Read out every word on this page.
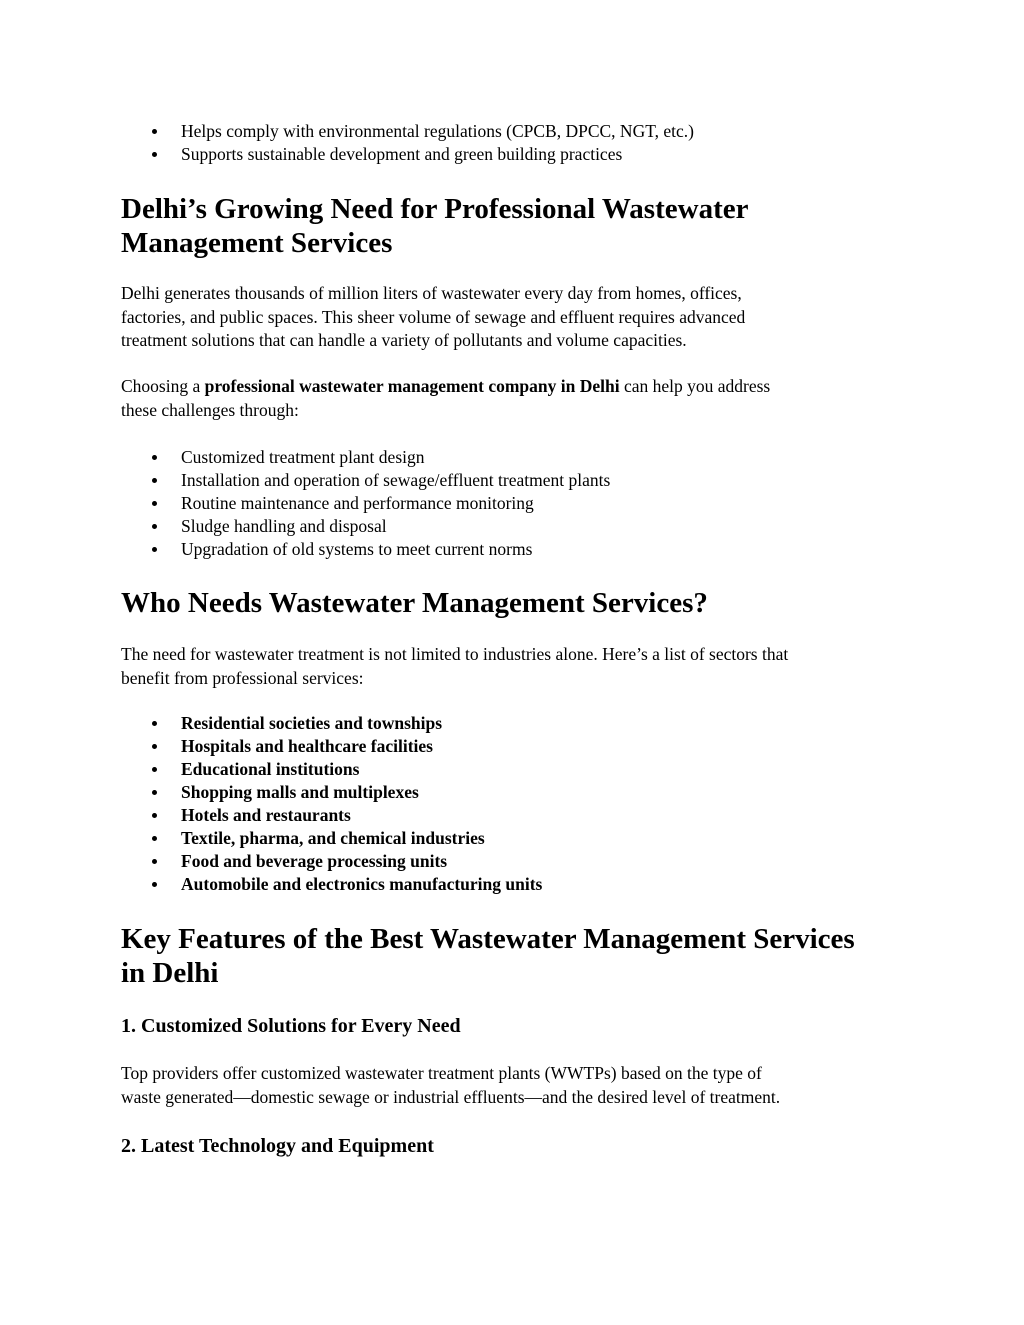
Helps comply with environmental regulations (CPCB, DPCC, NGT, etc.)
Supports sustainable development and green building practices
Delhi’s Growing Need for Professional Wastewater
Management Services

Delhi generates thousands of million liters of wastewater every day from homes, offices,
factories, and public spaces. This sheer volume of sewage and effluent requires advanced
treatment solutions that can handle a variety of pollutants and volume capacities.

Choosing a professional wastewater management company in Delhi can help you address
these challenges through:

Customized treatment plant design
Installation and operation of sewage/effluent treatment plants
Routine maintenance and performance monitoring
Sludge handling and disposal
Upgradation of old systems to meet current norms
Who Needs Wastewater Management Services?

The need for wastewater treatment is not limited to industries alone. Here’s a list of sectors that
benefit from professional services:

Residential societies and townships
Hospitals and healthcare facilities
Educational institutions
Shopping malls and multiplexes
Hotels and restaurants
Textile, pharma, and chemical industries
Food and beverage processing units
Automobile and electronics manufacturing units
Key Features of the Best Wastewater Management Services
in Delhi
1. Customized Solutions for Every Need

Top providers offer customized wastewater treatment plants (WWTPs) based on the type of
waste generated—domestic sewage or industrial effluents—and the desired level of treatment.

2. Latest Technology and Equipment
